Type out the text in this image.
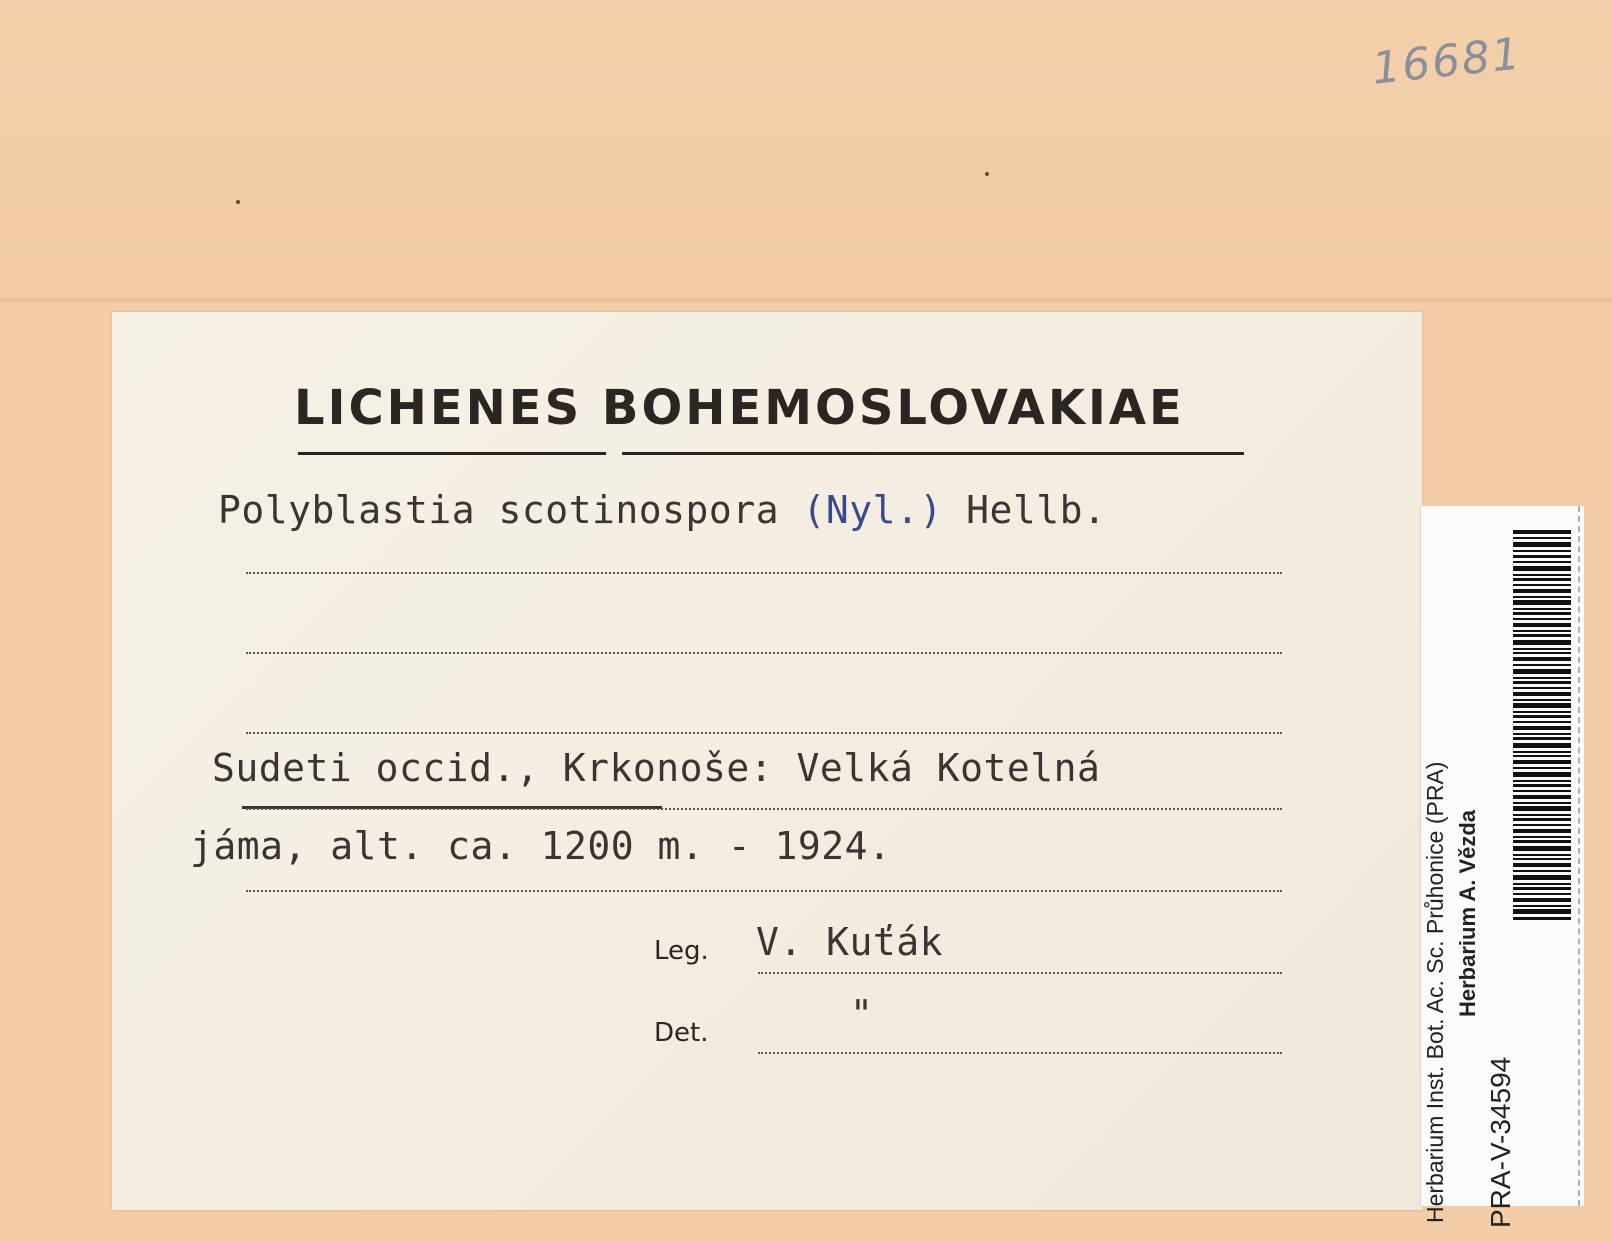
16681
LICHENES BOHEMOSLOVAKIAE
Polyblastia scotinospora (Nyl.) Hellb.
Sudeti occid., Krkonoše: Velká Kotelná
jáma, alt. ca. 1200 m. - 1924.
Leg. V. Kuťák
Det.	"	Herbarium Inst. Bot. Ac. Sc. Průhonice (PRA) Herbarium A. Vězda
PRA-V-34594
